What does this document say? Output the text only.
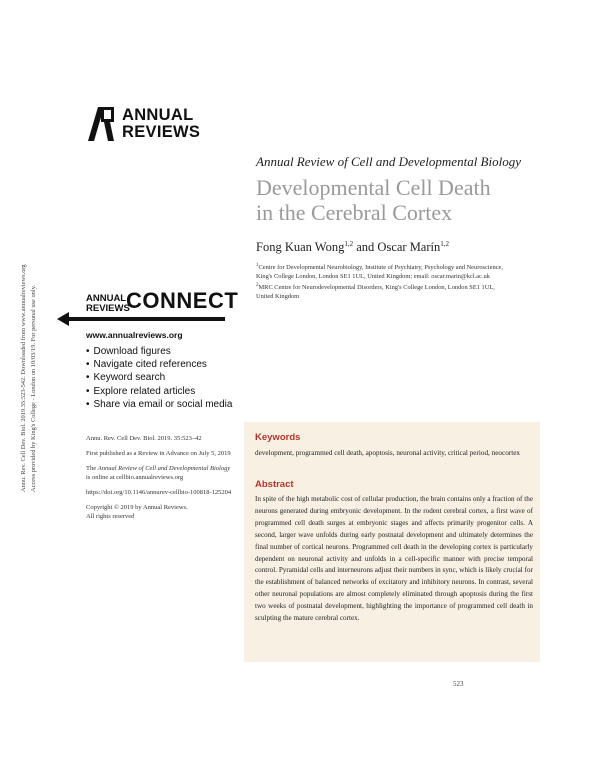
ANNUAL
REVIEWS
Annual Review of Cell and Developmental Biology
Developmental Cell Death
in the Cerebral Cortex
Fong Kuan Wong$^{1,2}$ and Oscar Marín$^{1,2}$
$^1$Centre for Developmental Neurobiology, Institute of Psychiatry, Psychology and Neuroscience, King's College London, London SE1 1UL, United Kingdom; email: oscar.marin@kcl.ac.uk
$^2$MRC Centre for Neurodevelopmental Disorders, King's College London, London SE1 1UL, United Kingdom
Annu. Rev. Cell Dev. Biol. 2019.35:523-542. Downloaded from www.annualreviews.org Access provided by King's College - London on 10/03/19. For personal use only.	ANNUAL
REVIEWS
CONNECT
www.annualreviews.org
• Download figures
• Navigate cited references
• Keyword search
• Explore related articles
• Share via email or social media

Annu. Rev. Cell Dev. Biol. 2019. 35:523–42

First published as a Review in Advance on July 5, 2019

The Annual Review of Cell and Developmental Biology is online at cellbio.annualreviews.org

https://doi.org/10.1146/annurev-cellbio-100818-125204

Copyright © 2019 by Annual Reviews.
All rights reserved

Keywords
development, programmed cell death, apoptosis, neuronal activity, critical period, neocortex
Abstract
In spite of the high metabolic cost of cellular production, the brain contains only a fraction of the neurons generated during embryonic development. In the rodent cerebral cortex, a first wave of programmed cell death surges at embryonic stages and affects primarily progenitor cells. A second, larger wave unfolds during early postnatal development and ultimately determines the final number of cortical neurons. Programmed cell death in the developing cortex is particularly dependent on neuronal activity and unfolds in a cell-specific manner with precise temporal control. Pyramidal cells and interneurons adjust their numbers in sync, which is likely crucial for the establishment of balanced networks of excitatory and inhibitory neurons. In contrast, several other neuronal populations are almost completely eliminated through apoptosis during the first two weeks of postnatal development, highlighting the importance of programmed cell death in sculpting the mature cerebral cortex.
523
